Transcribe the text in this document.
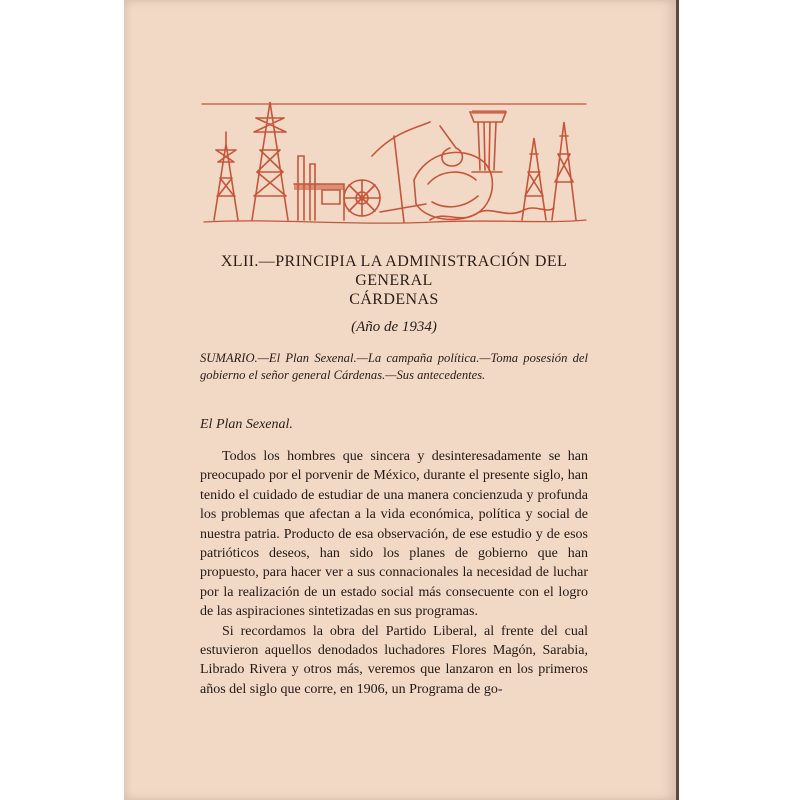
XLII.—PRINCIPIA LA ADMINISTRACIÓN DEL GENERAL
CÁRDENAS
(Año de 1934)
SUMARIO.—El Plan Sexenal.—La campaña política.—Toma posesión del gobierno el señor general Cárdenas.—Sus antecedentes.
El Plan Sexenal.

Todos los hombres que sincera y desinteresadamente se han preocupado por el porvenir de México, durante el presente siglo, han tenido el cuidado de estudiar de una manera concienzuda y profunda los problemas que afectan a la vida económica, política y social de nuestra patria. Producto de esa observación, de ese estudio y de esos patrióticos deseos, han sido los planes de gobierno que han propuesto, para hacer ver a sus connacionales la necesidad de luchar por la realización de un estado social más consecuente con el logro de las aspiraciones sintetizadas en sus programas.

Si recordamos la obra del Partido Liberal, al frente del cual estuvieron aquellos denodados luchadores Flores Magón, Sarabia, Librado Rivera y otros más, veremos que lanzaron en los primeros años del siglo que corre, en 1906, un Programa de go-
